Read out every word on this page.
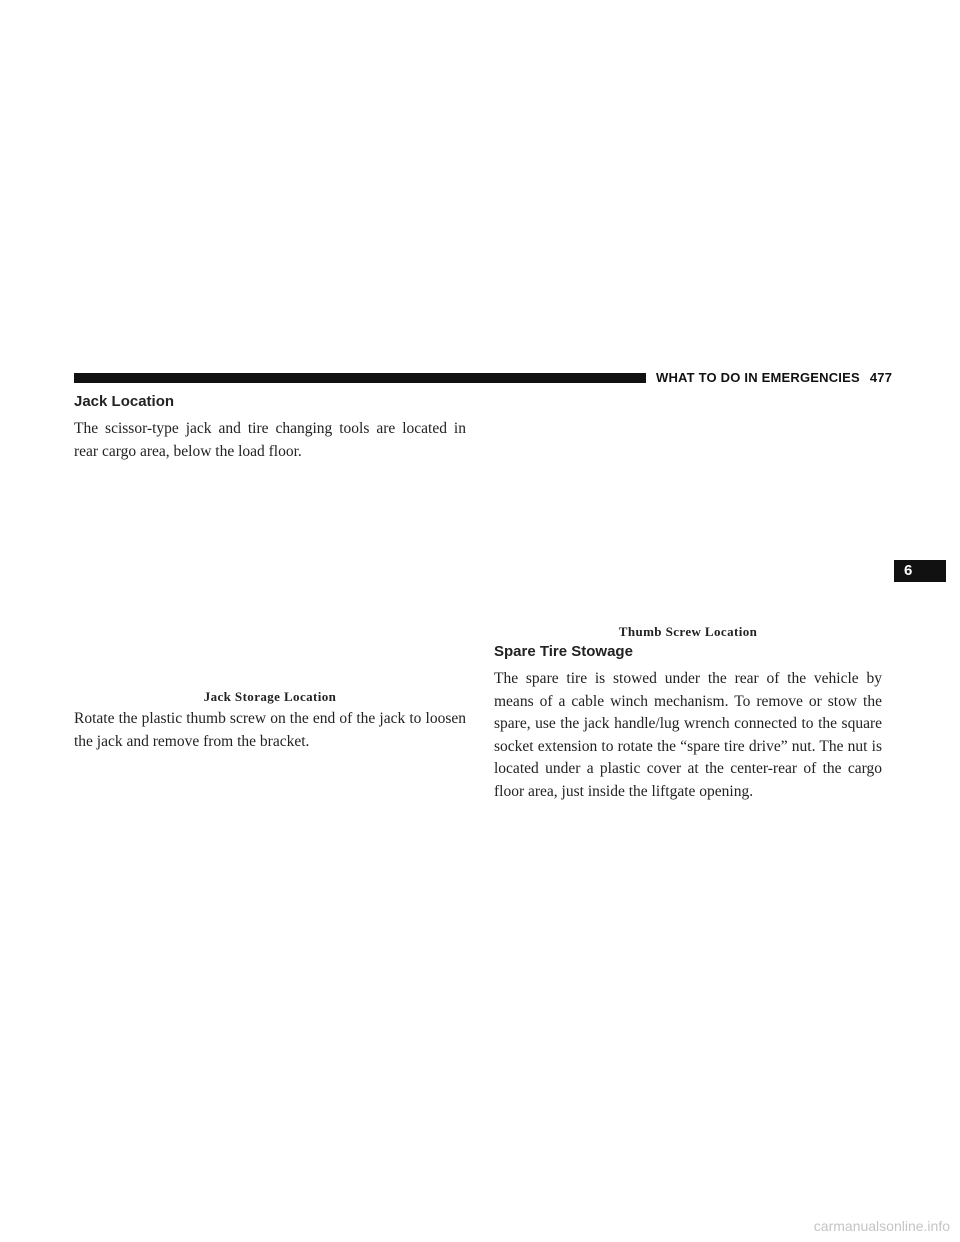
WHAT TO DO IN EMERGENCIES 477
6
Jack Location

The scissor-type jack and tire changing tools are located in rear cargo area, below the load floor.

Jack Storage Location

Rotate the plastic thumb screw on the end of the jack to loosen the jack and remove from the bracket.

Thumb Screw Location

Spare Tire Stowage

The spare tire is stowed under the rear of the vehicle by means of a cable winch mechanism. To remove or stow the spare, use the jack handle/lug wrench connected to the square socket extension to rotate the “spare tire drive” nut. The nut is located under a plastic cover at the center-rear of the cargo floor area, just inside the liftgate opening.

carmanualsonline.info
